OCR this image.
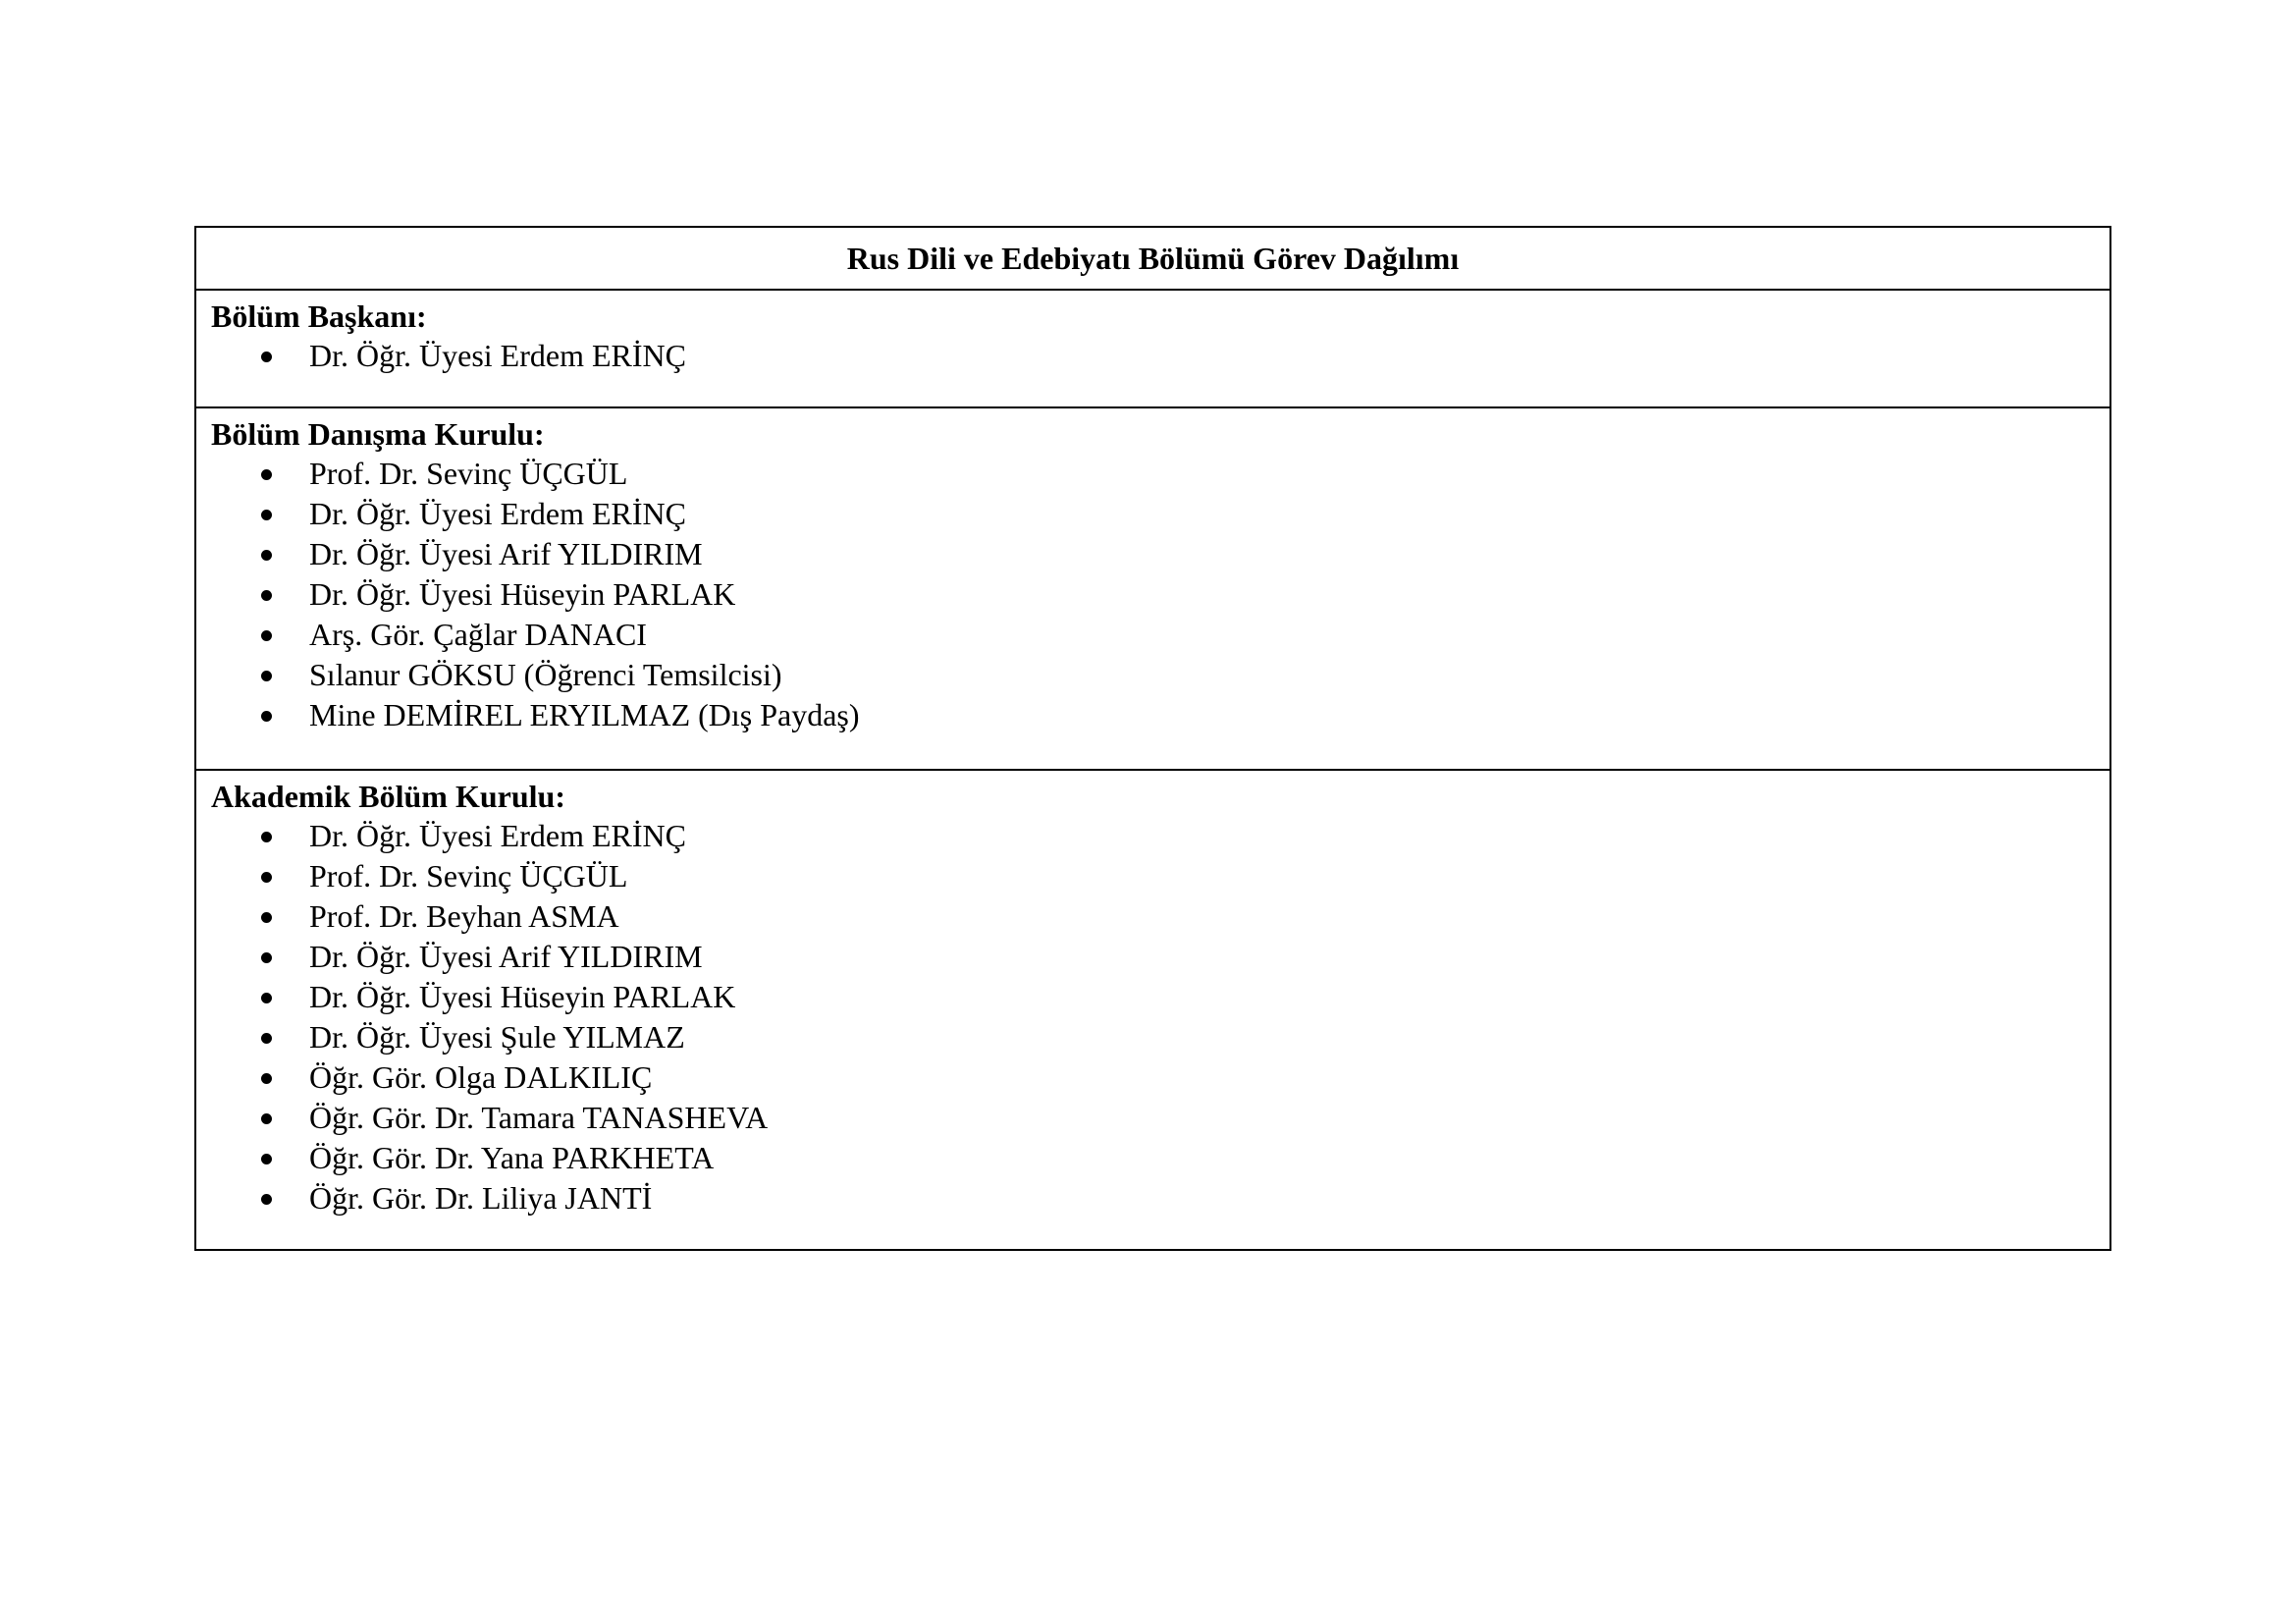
Rus Dili ve Edebiyatı Bölümü Görev Dağılımı
Bölüm Başkanı:
Dr. Öğr. Üyesi Erdem ERİNÇ
Bölüm Danışma Kurulu:
Prof. Dr. Sevinç ÜÇGÜL
Dr. Öğr. Üyesi Erdem ERİNÇ
Dr. Öğr. Üyesi Arif YILDIRIM
Dr. Öğr. Üyesi Hüseyin PARLAK
Arş. Gör. Çağlar DANACI
Sılanur GÖKSU (Öğrenci Temsilcisi)
Mine DEMİREL ERYILMAZ (Dış Paydaş)
Akademik Bölüm Kurulu:
Dr. Öğr. Üyesi Erdem ERİNÇ
Prof. Dr. Sevinç ÜÇGÜL
Prof. Dr. Beyhan ASMA
Dr. Öğr. Üyesi Arif YILDIRIM
Dr. Öğr. Üyesi Hüseyin PARLAK
Dr. Öğr. Üyesi Şule YILMAZ
Öğr. Gör. Olga DALKILIÇ
Öğr. Gör. Dr. Tamara TANASHEVA
Öğr. Gör. Dr. Yana PARKHETA
Öğr. Gör. Dr. Liliya JANTİ
